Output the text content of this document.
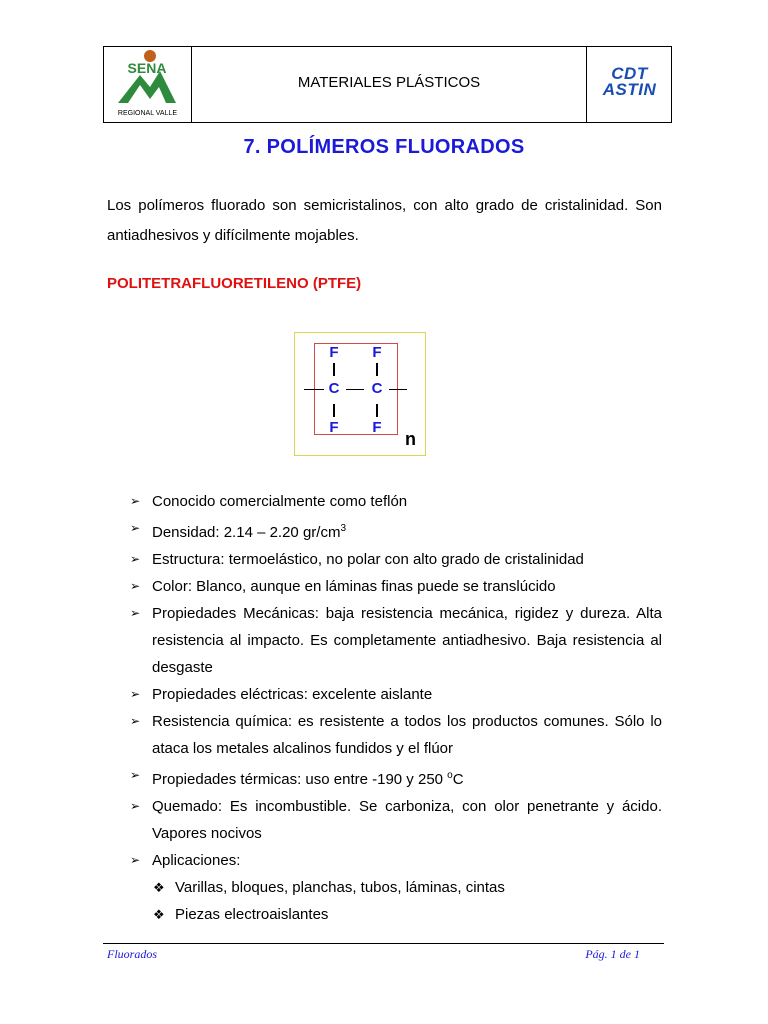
SENA
REGIONAL VALLE
MATERIALES PLÁSTICOS	CDT
ASTIN
7. POLÍMEROS FLUORADOS
Los polímeros fluorado son semicristalinos, con alto grado de cristalinidad. Son antiadhesivos y difícilmente mojables.
POLITETRAFLUORETILENO (PTFE)
F F
C C
F F
n
➢ Conocido comercialmente como teflón
➢ Densidad: 2.14 – 2.20 $gr/cm^3$
➢ Estructura: termoelástico, no polar con alto grado de cristalinidad
➢ Color: Blanco, aunque en láminas finas puede se translúcido
➢ Propiedades Mecánicas: baja resistencia mecánica, rigidez y dureza. Alta resistencia al impacto. Es completamente antiadhesivo. Baja resistencia al desgaste
➢ Propiedades eléctricas: excelente aislante
➢ Resistencia química: es resistente a todos los productos comunes. Sólo lo ataca los metales alcalinos fundidos y el flúor
➢ Propiedades térmicas: uso entre -190 y 250 $^o$C
➢ Quemado: Es incombustible. Se carboniza, con olor penetrante y ácido. Vapores nocivos
➢ Aplicaciones:
❖ Varillas, bloques, planchas, tubos, láminas, cintas
❖ Piezas electroaislantes
Fluorados	Pág. 1 de 1
